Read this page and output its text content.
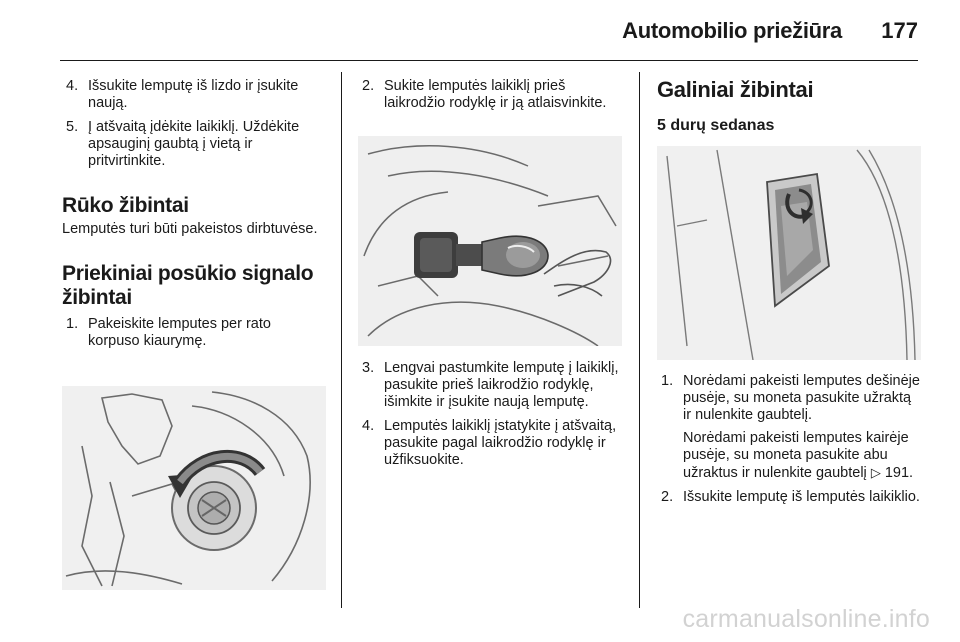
Automobilio priežiūra 177
4. Išsukite lemputę iš lizdo ir įsukite naują.

5. Į atšvaitą įdėkite laikiklį. Uždėkite apsauginį gaubtą į vietą ir pritvirtinkite.

Rūko žibintai

Lemputės turi būti pakeistos dirbtuvėse.

Priekiniai posūkio signalo žibintai
1. Pakeiskite lemputes per rato korpuso kiaurymę.

2. Sukite lemputės laikiklį prieš laikrodžio rodyklę ir ją atlaisvinkite.

3. Lengvai pastumkite lemputę į laikiklį, pasukite prieš laikrodžio rodyklę, išimkite ir įsukite naują lemputę.

4. Lemputės laikiklį įstatykite į atšvaitą, pasukite pagal laikrodžio rodyklę ir užfiksuokite.

Galiniai žibintai
5 durų sedanas
1. Norėdami pakeisti lemputes dešinėje pusėje, su moneta pasukite užraktą ir nulenkite gaubtelį.

Norėdami pakeisti lemputes kairėje pusėje, su moneta pasukite abu užraktus ir nulenkite gaubtelį ▷ 191.

2. Išsukite lemputę iš lemputės laikiklio.

carmanualsonline.info
